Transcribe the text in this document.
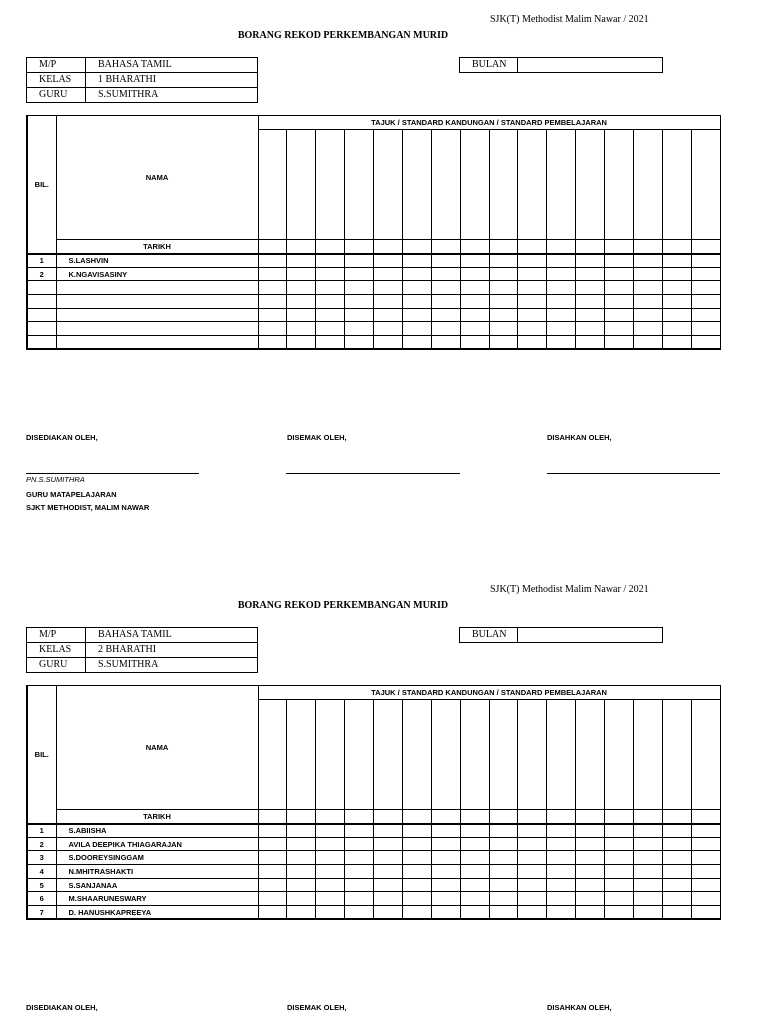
SJK(T) Methodist Malim Nawar / 2021
BORANG REKOD PERKEMBANGAN MURID
M/P	BAHASA TAMIL
KELAS	1 BHARATHI
GURU	S.SUMITHRA
BULAN	
BIL.	NAMA	TAJUK / STANDARD KANDUNGAN / STANDARD PEMBELAJARAN															

	TARIKH																
1	S.LASHVIN																
2	K.NGAVISASINY																

DISEDIAKAN OLEH,	DISEMAK OLEH,	DISAHKAN OLEH,
PN.S.SUMITHRA
GURU MATAPELAJARAN
SJKT METHODIST, MALIM NAWAR
SJK(T) Methodist Malim Nawar / 2021
BORANG REKOD PERKEMBANGAN MURID
M/P	BAHASA TAMIL
KELAS	2 BHARATHI
GURU	S.SUMITHRA
BULAN	
BIL.	NAMA	TAJUK / STANDARD KANDUNGAN / STANDARD PEMBELAJARAN															

	TARIKH																
1	S.ABIISHA																
2	AVILA DEEPIKA THIAGARAJAN																
3	S.DOOREYSINGGAM																
4	N.MHITRASHAKTI																
5	S.SANJANAA																
6	M.SHAARUNESWARY																
7	D. HANUSHKAPREEYA																
DISEDIAKAN OLEH,	DISEMAK OLEH,	DISAHKAN OLEH,
